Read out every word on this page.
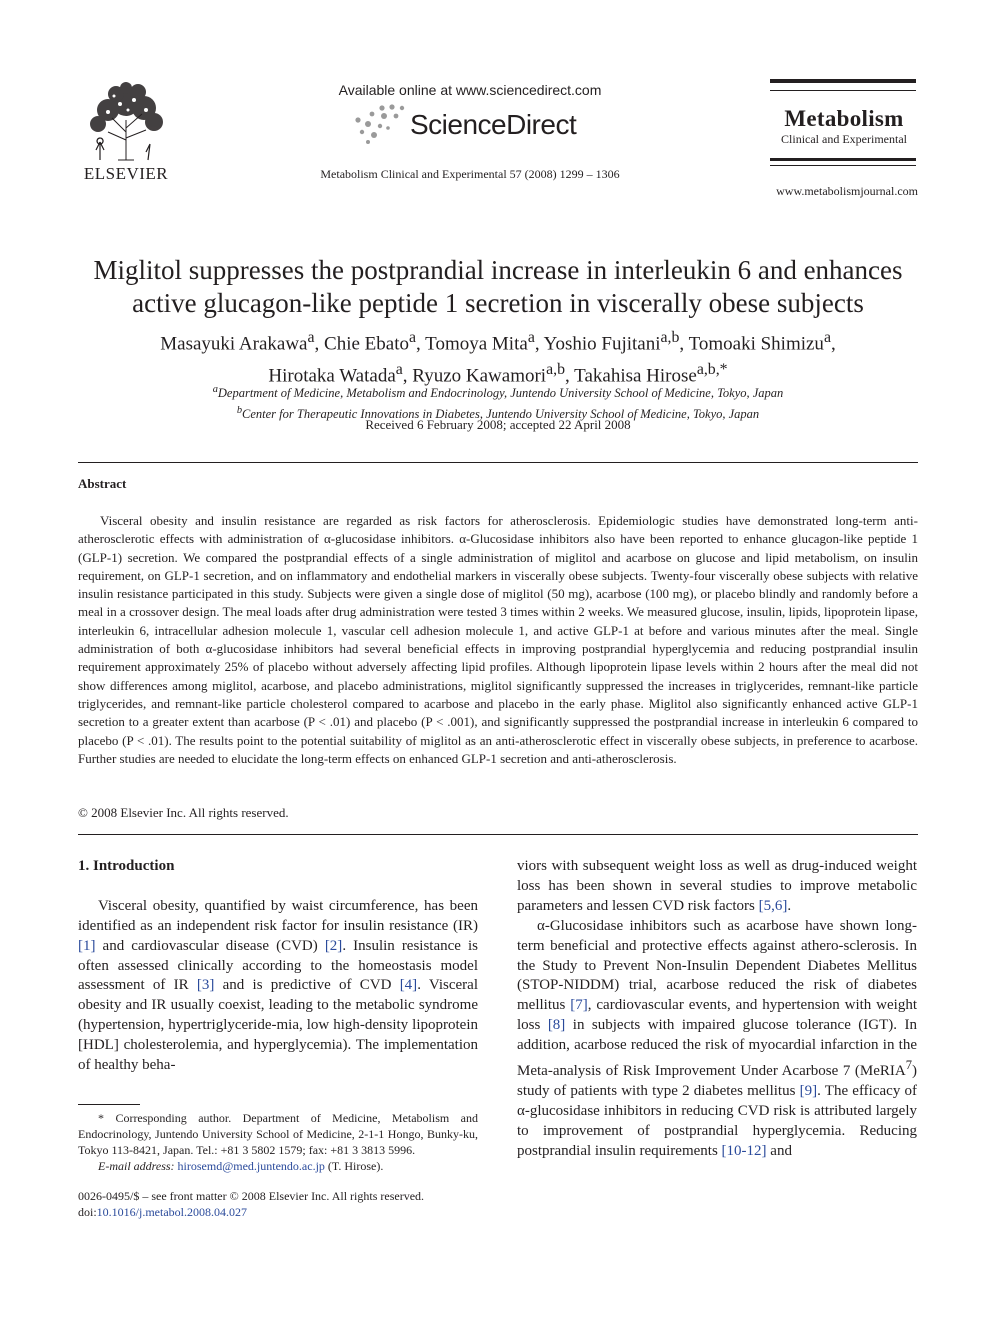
ELSEVIER
Available online at www.sciencedirect.com
ScienceDirect
Metabolism Clinical and Experimental 57 (2008) 1299 – 1306
Metabolism
Clinical and Experimental
www.metabolismjournal.com
Miglitol suppresses the postprandial increase in interleukin 6 and enhances
active glucagon-like peptide 1 secretion in viscerally obese subjects
Masayuki Arakawa$^a$, Chie Ebato$^a$, Tomoya Mita$^a$, Yoshio Fujitani$^{a,b}$, Tomoaki Shimizu$^a$,
Hirotaka Watada$^a$, Ryuzo Kawamori$^{a,b}$, Takahisa Hirose$^{a,b,*}$
$^a$Department of Medicine, Metabolism and Endocrinology, Juntendo University School of Medicine, Tokyo, Japan
$^b$Center for Therapeutic Innovations in Diabetes, Juntendo University School of Medicine, Tokyo, Japan
Received 6 February 2008; accepted 22 April 2008
Abstract

Visceral obesity and insulin resistance are regarded as risk factors for atherosclerosis. Epidemiologic studies have demonstrated long-term anti-atherosclerotic effects with administration of α-glucosidase inhibitors. α-Glucosidase inhibitors also have been reported to enhance glucagon-like peptide 1 (GLP-1) secretion. We compared the postprandial effects of a single administration of miglitol and acarbose on glucose and lipid metabolism, on insulin requirement, on GLP-1 secretion, and on inflammatory and endothelial markers in viscerally obese subjects. Twenty-four viscerally obese subjects with relative insulin resistance participated in this study. Subjects were given a single dose of miglitol (50 mg), acarbose (100 mg), or placebo blindly and randomly before a meal in a crossover design. The meal loads after drug administration were tested 3 times within 2 weeks. We measured glucose, insulin, lipids, lipoprotein lipase, interleukin 6, intracellular adhesion molecule 1, vascular cell adhesion molecule 1, and active GLP-1 at before and various minutes after the meal. Single administration of both α-glucosidase inhibitors had several beneficial effects in improving postprandial hyperglycemia and reducing postprandial insulin requirement approximately 25% of placebo without adversely affecting lipid profiles. Although lipoprotein lipase levels within 2 hours after the meal did not show differences among miglitol, acarbose, and placebo administrations, miglitol significantly suppressed the increases in triglycerides, remnant-like particle triglycerides, and remnant-like particle cholesterol compared to acarbose and placebo in the early phase. Miglitol also significantly enhanced active GLP-1 secretion to a greater extent than acarbose (P < .01) and placebo (P < .001), and significantly suppressed the postprandial increase in interleukin 6 compared to placebo (P < .01). The results point to the potential suitability of miglitol as an anti-atherosclerotic effect in viscerally obese subjects, in preference to acarbose. Further studies are needed to elucidate the long-term effects on enhanced GLP-1 secretion and anti-atherosclerosis.

© 2008 Elsevier Inc. All rights reserved.

1. Introduction

Visceral obesity, quantified by waist circumference, has been identified as an independent risk factor for insulin resistance (IR) [1] and cardiovascular disease (CVD) [2]. Insulin resistance is often assessed clinically according to the homeostasis model assessment of IR [3] and is predictive of CVD [4]. Visceral obesity and IR usually coexist, leading to the metabolic syndrome (hypertension, hypertriglyceride-mia, low high-density lipoprotein [HDL] cholesterolemia, and hyperglycemia). The implementation of healthy beha-

* Corresponding author. Department of Medicine, Metabolism and Endocrinology, Juntendo University School of Medicine, 2-1-1 Hongo, Bunky-ku, Tokyo 113-8421, Japan. Tel.: +81 3 5802 1579; fax: +81 3 3813 5996.

E-mail address: hirosemd@med.juntendo.ac.jp (T. Hirose).

0026-0495/$ – see front matter © 2008 Elsevier Inc. All rights reserved.
doi:10.1016/j.metabol.2008.04.027

viors with subsequent weight loss as well as drug-induced weight loss has been shown in several studies to improve metabolic parameters and lessen CVD risk factors [5,6].

α-Glucosidase inhibitors such as acarbose have shown long-term beneficial and protective effects against athero-sclerosis. In the Study to Prevent Non-Insulin Dependent Diabetes Mellitus (STOP-NIDDM) trial, acarbose reduced the risk of diabetes mellitus [7], cardiovascular events, and hypertension with weight loss [8] in subjects with impaired glucose tolerance (IGT). In addition, acarbose reduced the risk of myocardial infarction in the Meta-analysis of Risk Improvement Under Acarbose 7 (MeRIA$^7$) study of patients with type 2 diabetes mellitus [9]. The efficacy of α-glucosidase inhibitors in reducing CVD risk is attributed largely to improvement of postprandial hyperglycemia. Reducing postprandial insulin requirements [10-12] and
